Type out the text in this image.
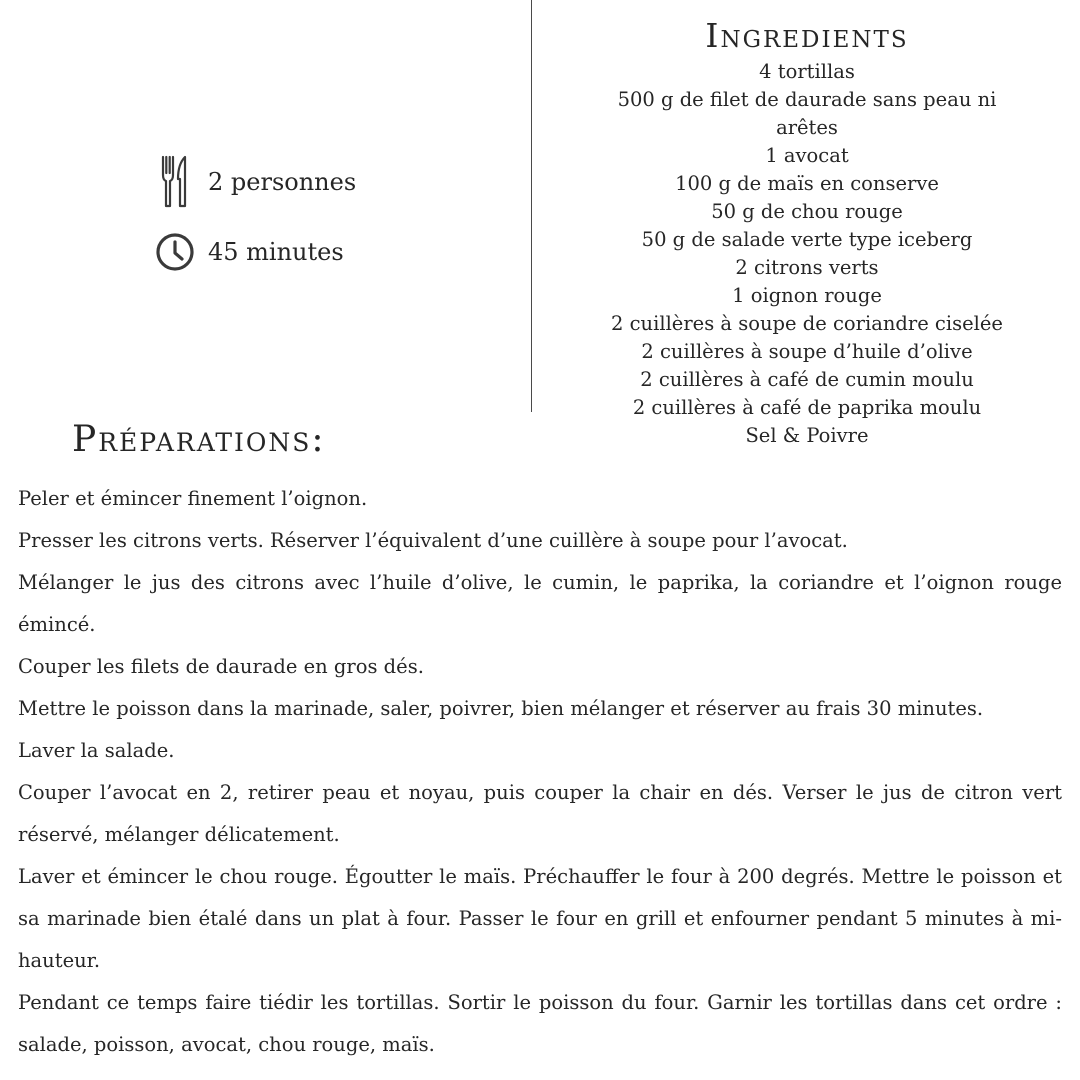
2 personnes
45 minutes
Ingredients
4 tortillas
500 g de filet de daurade sans peau ni arêtes
1 avocat
100 g de maïs en conserve
50 g de chou rouge
50 g de salade verte type iceberg
2 citrons verts
1 oignon rouge
2 cuillères à soupe de coriandre ciselée
2 cuillères à soupe d’huile d’olive
2 cuillères à café de cumin moulu
2 cuillères à café de paprika moulu
Sel & Poivre
Préparations:

Peler et émincer finement l’oignon.

Presser les citrons verts. Réserver l’équivalent d’une cuillère à soupe pour l’avocat.

Mélanger le jus des citrons avec l’huile d’olive, le cumin, le paprika, la coriandre et l’oignon rouge émincé.

Couper les filets de daurade en gros dés.

Mettre le poisson dans la marinade, saler, poivrer, bien mélanger et réserver au frais 30 minutes.

Laver la salade.

Couper l’avocat en 2, retirer peau et noyau, puis couper la chair en dés. Verser le jus de citron vert réservé, mélanger délicatement.

Laver et émincer le chou rouge. Égoutter le maïs. Préchauffer le four à 200 degrés. Mettre le poisson et sa marinade bien étalé dans un plat à four. Passer le four en grill et enfourner pendant 5 minutes à mi-hauteur.

Pendant ce temps faire tiédir les tortillas. Sortir le poisson du four. Garnir les tortillas dans cet ordre : salade, poisson, avocat, chou rouge, maïs.
